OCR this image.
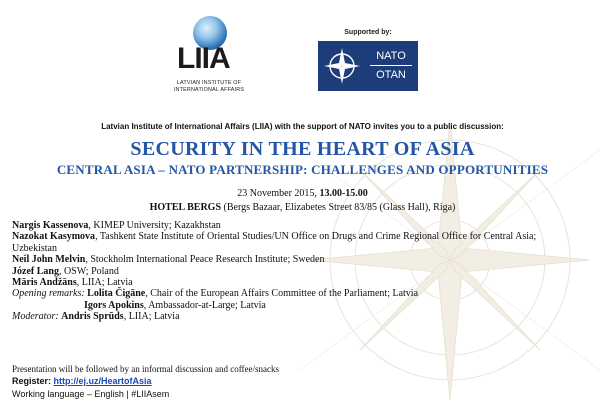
LIIA
LATVIAN INSTITUTE OF
INTERNATIONAL AFFAIRS
Supported by:
NATO
OTAN
Latvian Institute of International Affairs (LIIA) with the support of NATO invites you to a public discussion:
SECURITY IN THE HEART OF ASIA
CENTRAL ASIA – NATO PARTNERSHIP: CHALLENGES AND OPPORTUNITIES
23 November 2015, 13.00-15.00
HOTEL BERGS (Bergs Bazaar, Elizabetes Street 83/85 (Glass Hall), Riga)
Nargis Kassenova, KIMEP University; Kazakhstan
Nazokat Kasymova, Tashkent State Institute of Oriental Studies/UN Office on Drugs and Crime Regional Office for Central Asia; Uzbekistan
Neil John Melvin, Stockholm International Peace Research Institute; Sweden
Józef Lang, OSW; Poland
Māris Andžāns, LIIA; Latvia
Opening remarks: Lolita Čigāne, Chair of the European Affairs Committee of the Parliament; Latvia
Igors Apokins, Ambassador-at-Large; Latvia
Moderator: Andris Sprūds, LIIA; Latvia
Presentation will be followed by an informal discussion and coffee/snacks
Register: http://ej.uz/HeartofAsia
Working language – English | #LIIAsem
